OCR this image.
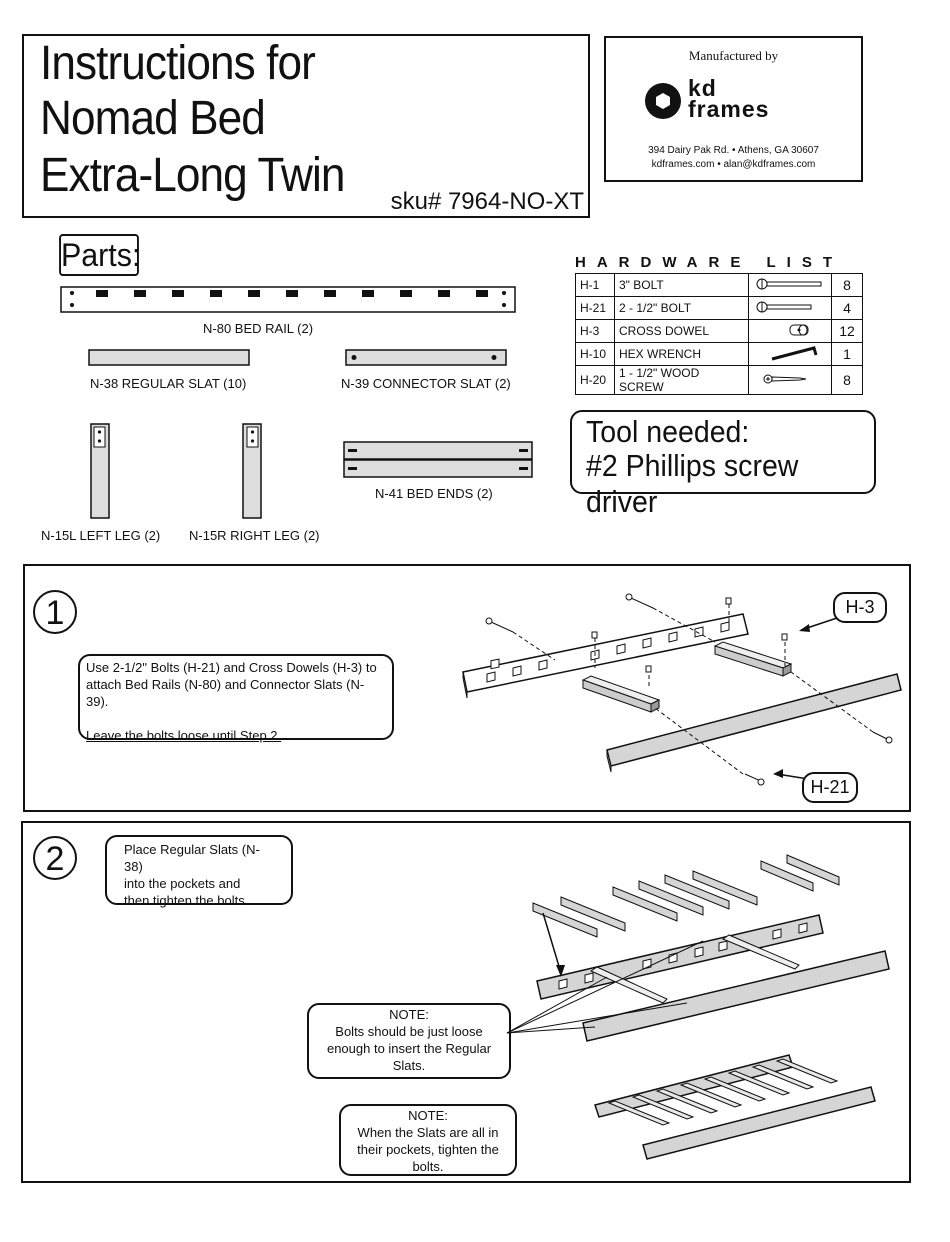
Instructions for
Nomad Bed
Extra-Long Twin sku# 7964-NO-XT
Manufactured by
kd
frames
394 Dairy Pak Rd. • Athens, GA 30607
kdframes.com • alan@kdframes.com
Parts:
N-80 BED RAIL (2)
N-38 REGULAR SLAT (10)	N-39 CONNECTOR SLAT (2)
N-41 BED ENDS (2)
N-15L LEFT LEG (2) N-15R RIGHT LEG (2)
HARDWARE LIST
H-1	3" BOLT		8
H-21	2 - 1/2" BOLT		4
H-3	CROSS DOWEL		12
H-10	HEX WRENCH		1
H-20	1 - 1/2" WOOD SCREW		8
Tool needed:
#2 Phillips screw driver
1
Use 2-1/2" Bolts (H-21) and Cross Dowels (H-3) to
attach Bed Rails (N-80) and Connector Slats (N-39).
Leave the bolts loose until Step 2.
H-3
H-21
2	Place Regular Slats (N-38)
into the pockets and
then tighten the bolts.
NOTE:
Bolts should be just loose
enough to insert the Regular
Slats.
NOTE:
When the Slats are all in
their pockets, tighten the
bolts.
